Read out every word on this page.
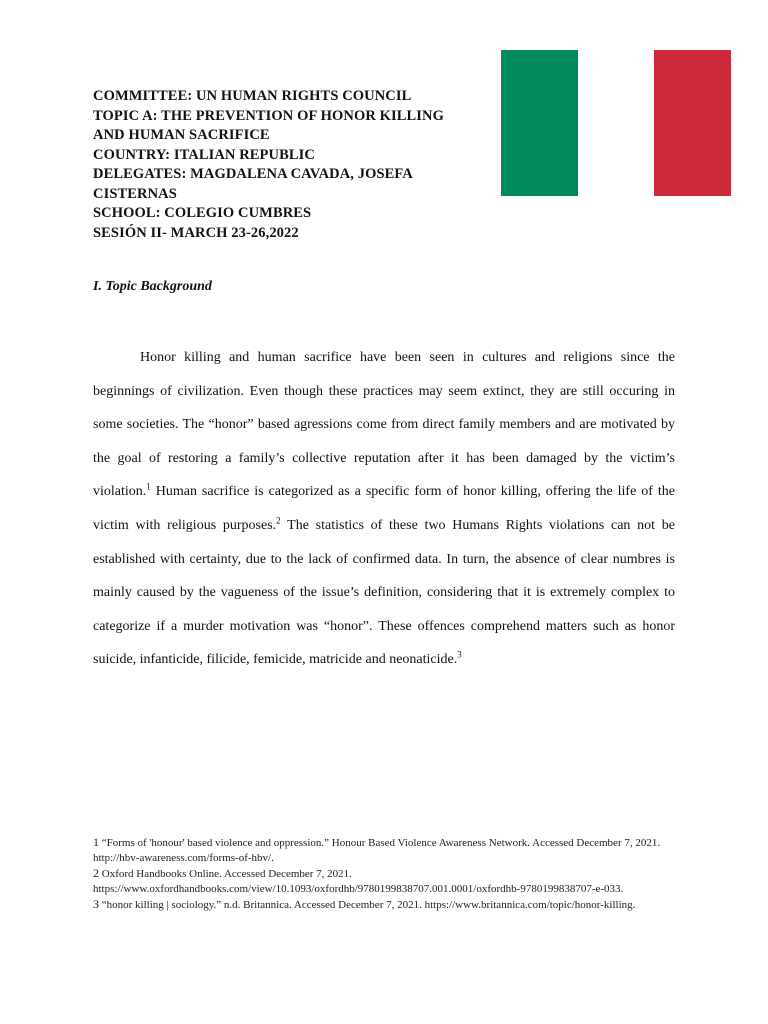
COMMITTEE: UN HUMAN RIGHTS COUNCIL
TOPIC A: THE PREVENTION OF HONOR KILLING
AND HUMAN SACRIFICE
COUNTRY: ITALIAN REPUBLIC
DELEGATES: MAGDALENA CAVADA, JOSEFA
CISTERNAS
SCHOOL: COLEGIO CUMBRES
SESIÓN II- MARCH 23-26,2022
I. Topic Background

Honor killing and human sacrifice have been seen in cultures and religions since the beginnings of civilization. Even though these practices may seem extinct, they are still occuring in some societies. The “honor” based agressions come from direct family members and are motivated by the goal of restoring a family’s collective reputation after it has been damaged by the victim’s violation.$^1$ Human sacrifice is categorized as a specific form of honor killing, offering the life of the victim with religious purposes.$^2$ The statistics of these two Humans Rights violations can not be established with certainty, due to the lack of confirmed data. In turn, the absence of clear numbres is mainly caused by the vagueness of the issue’s definition, considering that it is extremely complex to categorize if a murder motivation was “honor”. These offences comprehend matters such as honor suicide, infanticide, filicide, femicide, matricide and neonaticide.$^3$

1 “Forms of 'honour' based violence and oppression.” Honour Based Violence Awareness Network. Accessed December 7, 2021. http://hbv-awareness.com/forms-of-hbv/.

2 Oxford Handbooks Online. Accessed December 7, 2021. https://www.oxfordhandbooks.com/view/10.1093/oxfordhb/9780199838707.001.0001/oxfordhb-9780199838707-e-033.

3 “honor killing | sociology.” n.d. Britannica. Accessed December 7, 2021. https://www.britannica.com/topic/honor-killing.
